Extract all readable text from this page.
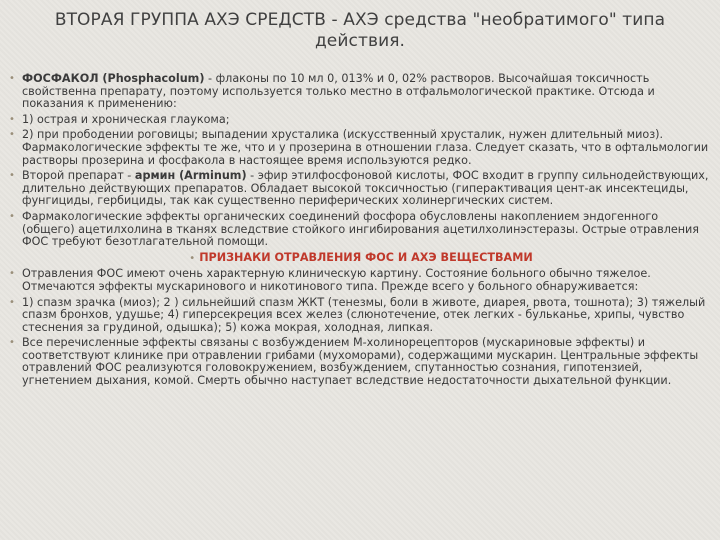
ВТОРАЯ ГРУППА АХЭ СРЕДСТВ - АХЭ средства "необратимого" типа действия.
• ФОСФАКОЛ (Phosphacolum) - флаконы по 10 мл 0, 013% и 0, 02% растворов. Высочайшая токсичность свойственна препарату, поэтому используется только местно в отфальмологической практике. Отсюда и показания к применению:
• 1) острая и хроническая глаукома;
• 2) при прободении роговицы; выпадении хрусталика (искусственный хрусталик, нужен длительный миоз). Фармакологические эффекты те же, что и у прозерина в отношении глаза. Следует сказать, что в офтальмологии растворы прозерина и фосфакола в настоящее время используются редко.
• Второй препарат - армин (Arminum) - эфир этилфосфоновой кислоты, ФОС входит в группу сильнодействующих, длительно действующих препаратов. Обладает высокой токсичностью (гиперактивация цент-ак инсектециды, фунгициды, гербициды, так как существенно периферических холинергических систем.
• Фармакологические эффекты органических соединений фосфора обусловлены накоплением эндогенного (общего) ацетилхолина в тканях вследствие стойкого ингибирования ацетилхолинэстеразы. Острые отравления ФОС требуют безотлагательной помощи.
• ПРИЗНАКИ ОТРАВЛЕНИЯ ФОС И АХЭ ВЕЩЕСТВАМИ
• Отравления ФОС имеют очень характерную клиническую картину. Состояние больного обычно тяжелое. Отмечаются эффекты мускаринового и никотинового типа. Прежде всего у больного обнаруживается:
• 1) спазм зрачка (миоз); 2 ) сильнейший спазм ЖКТ (тенезмы, боли в животе, диарея, рвота, тошнота); 3) тяжелый спазм бронхов, удушье; 4) гиперсекреция всех желез (слюнотечение, отек легких - бульканье, хрипы, чувство стеснения за грудиной, одышка); 5) кожа мокрая, холодная, липкая.
• Все перечисленные эффекты связаны с возбуждением М-холинорецепторов (мускариновые эффекты) и соответствуют клинике при отравлении грибами (мухоморами), содержащими мускарин. Центральные эффекты отравлений ФОС реализуются головокружением, возбуждением, спутанностью сознания, гипотензией, угнетением дыхания, комой. Смерть обычно наступает вследствие недостаточности дыхательной функции.
